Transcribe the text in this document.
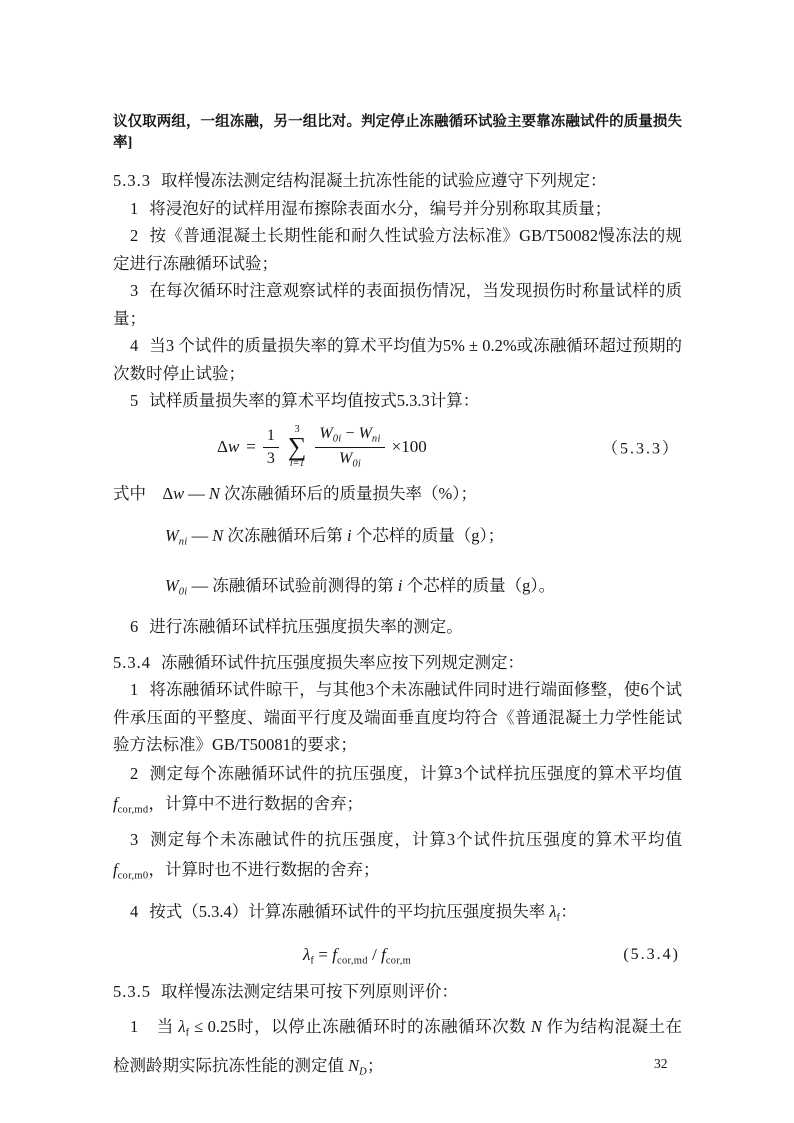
议仅取两组，一组冻融，另一组比对。判定停止冻融循环试验主要靠冻融试件的质量损失率]

5.3.3 取样慢冻法测定结构混凝土抗冻性能的试验应遵守下列规定：

1 将浸泡好的试样用湿布擦除表面水分，编号并分别称取其质量；

2 按《普通混凝土长期性能和耐久性试验方法标准》GB/T50082慢冻法的规定进行冻融循环试验；

3 在每次循环时注意观察试样的表面损伤情况，当发现损伤时称量试样的质量；

4 当3 个试件的质量损失率的算术平均值为5% ± 0.2%或冻融循环超过预期的次数时停止试验；

5 试样质量损失率的算术平均值按式5.3.3计算：

$\Delta w = \frac{1}{3} 3$
∑
$i=1 \frac{W_{0i} - W_{ni}}{W_{0i}} \times 100$	（5.3.3）

式中　Δw — N 次冻融循环后的质量损失率（%）；

$W_{ni}$ — N 次冻融循环后第 i 个芯样的质量（g）；

$W_{0i}$ — 冻融循环试验前测得的第 i 个芯样的质量（g）。

6 进行冻融循环试样抗压强度损失率的测定。

5.3.4 冻融循环试件抗压强度损失率应按下列规定测定：

1 将冻融循环试件晾干，与其他3个未冻融试件同时进行端面修整，使6个试件承压面的平整度、端面平行度及端面垂直度均符合《普通混凝土力学性能试验方法标准》GB/T50081的要求；

2 测定每个冻融循环试件的抗压强度，计算3个试样抗压强度的算术平均值 $f_{cor,md}$，计算中不进行数据的舍弃；

3 测定每个未冻融试件的抗压强度，计算3个试件抗压强度的算术平均值 $f_{cor,m0}$，计算时也不进行数据的舍弃；

4 按式（5.3.4）计算冻融循环试件的平均抗压强度损失率 $\lambda_f$：

$\lambda_f = f_{cor,md} / f_{cor,m}$	(5.3.4)

5.3.5 取样慢冻法测定结果可按下列原则评价：

1 当 $\lambda_f \le 0.25$时，以停止冻融循环时的冻融循环次数 N 作为结构混凝土在检测龄期实际抗冻性能的测定值 $N_D$；	32
